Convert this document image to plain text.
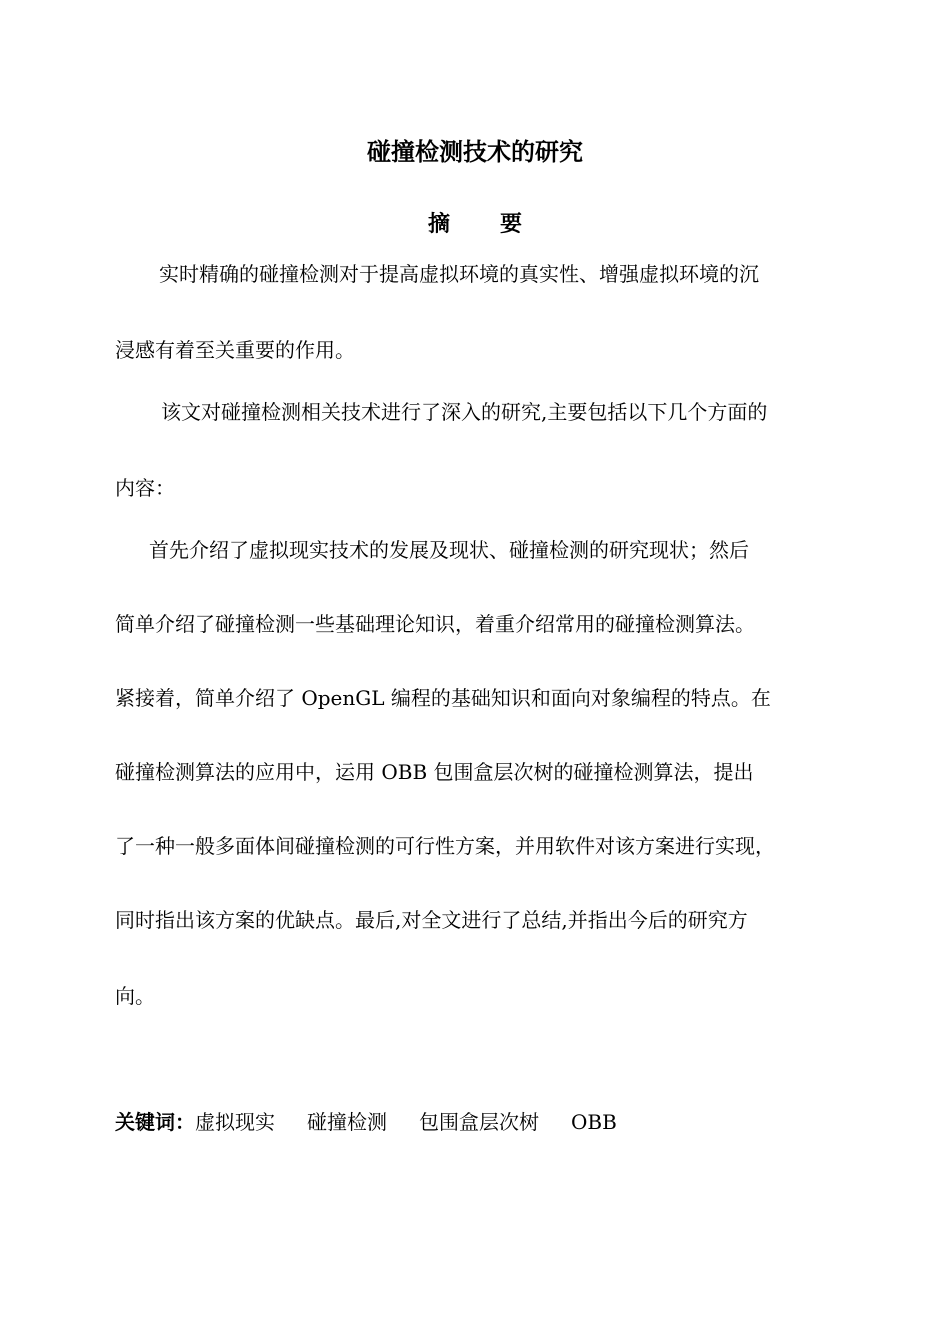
碰撞检测技术的研究
摘要
实时精确的碰撞检测对于提高虚拟环境的真实性、增强虚拟环境的沉
浸感有着至关重要的作用。
该文对碰撞检测相关技术进行了深入的研究,主要包括以下几个方面的
内容：
首先介绍了虚拟现实技术的发展及现状、碰撞检测的研究现状；然后
简单介绍了碰撞检测一些基础理论知识，着重介绍常用的碰撞检测算法。
紧接着，简单介绍了 OpenGL 编程的基础知识和面向对象编程的特点。在
碰撞检测算法的应用中，运用 OBB 包围盒层次树的碰撞检测算法，提出
了一种一般多面体间碰撞检测的可行性方案，并用软件对该方案进行实现，
同时指出该方案的优缺点。最后,对全文进行了总结,并指出今后的研究方
向。
关键词：虚拟现实 碰撞检测 包围盒层次树 OBB
